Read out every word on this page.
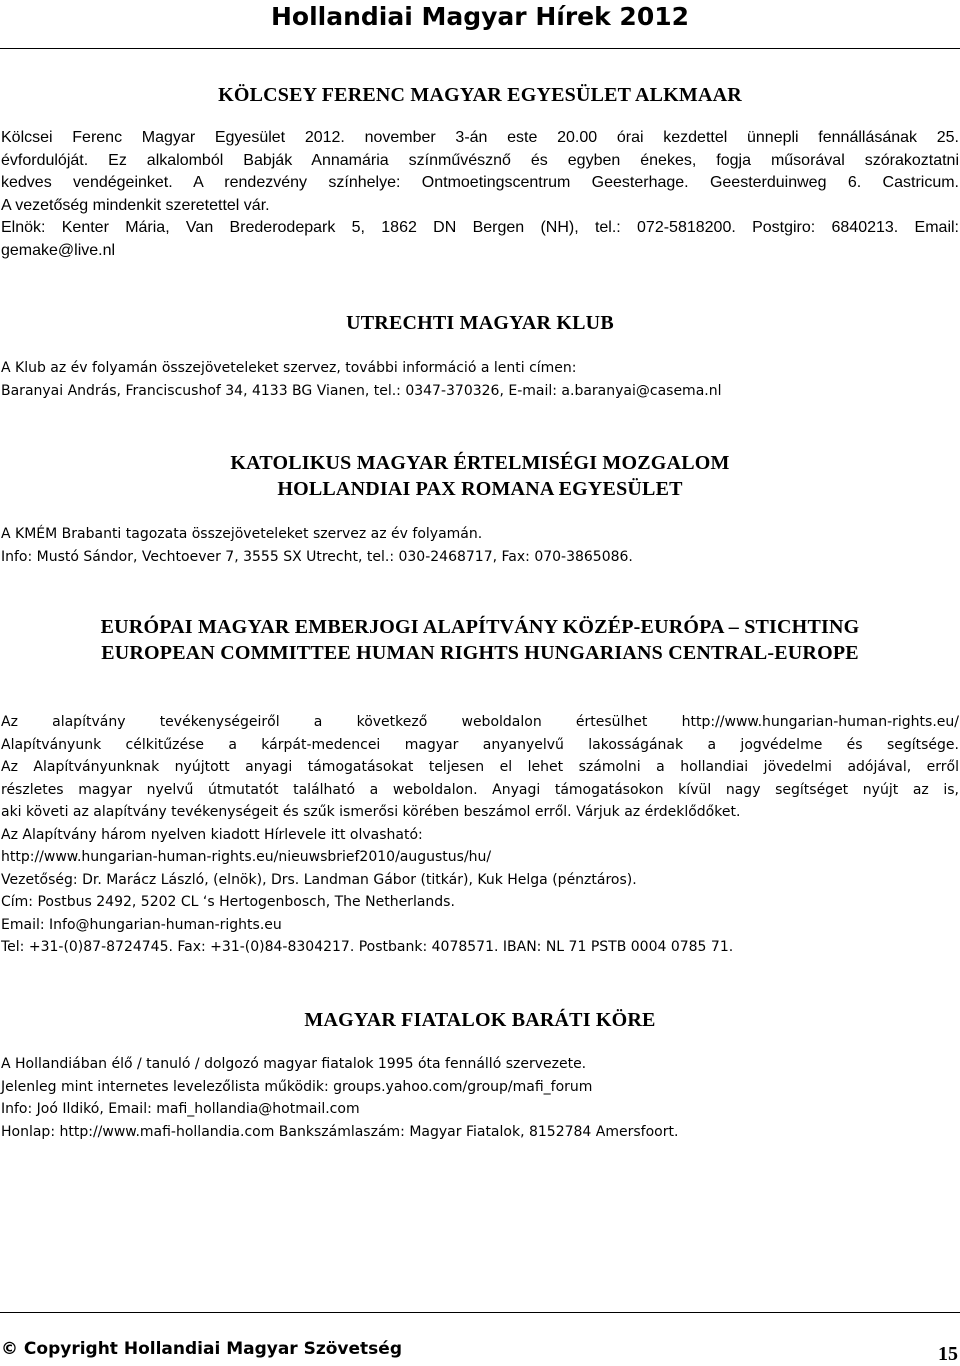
Hollandiai Magyar Hírek 2012
KÖLCSEY FERENC MAGYAR EGYESÜLET ALKMAAR
Kölcsei Ferenc Magyar Egyesület 2012. november 3-án este 20.00 órai kezdettel ünnepli fennállásának 25.
évfordulóját. Ez alkalomból Babják Annamária színművésznő és egyben énekes, fogja műsorával szórakoztatni
kedves vendégeinket. A rendezvény színhelye: Ontmoetingscentrum Geesterhage. Geesterduinweg 6. Castricum.
A vezetőség mindenkit szeretettel vár.
Elnök: Kenter Mária, Van Brederodepark 5, 1862 DN Bergen (NH), tel.: 072-5818200. Postgiro: 6840213. Email:
gemake@live.nl
UTRECHTI MAGYAR KLUB
A Klub az év folyamán összejöveteleket szervez, további információ a lenti címen:
Baranyai András, Franciscushof 34, 4133 BG Vianen, tel.: 0347-370326, E-mail: a.baranyai@casema.nl
KATOLIKUS MAGYAR ÉRTELMISÉGI MOZGALOM
HOLLANDIAI PAX ROMANA EGYESÜLET
A KMÉM Brabanti tagozata összejöveteleket szervez az év folyamán.
Info: Mustó Sándor, Vechtoever 7, 3555 SX Utrecht, tel.: 030-2468717, Fax: 070-3865086.
EURÓPAI MAGYAR EMBERJOGI ALAPÍTVÁNY KÖZÉP-EURÓPA – STICHTING
EUROPEAN COMMITTEE HUMAN RIGHTS HUNGARIANS CENTRAL-EUROPE
Az alapítvány tevékenységeiről a következő weboldalon értesülhet http://www.hungarian-human-rights.eu/
Alapítványunk célkitűzése a kárpát-medencei magyar anyanyelvű lakosságának a jogvédelme és segítsége.
Az Alapítványunknak nyújtott anyagi támogatásokat teljesen el lehet számolni a hollandiai jövedelmi adójával, erről
részletes magyar nyelvű útmutatót található a weboldalon. Anyagi támogatásokon kívül nagy segítséget nyújt az is,
aki követi az alapítvány tevékenységeit és szűk ismerősi körében beszámol erről. Várjuk az érdeklődőket.
Az Alapítvány három nyelven kiadott Hírlevele itt olvasható:
http://www.hungarian-human-rights.eu/nieuwsbrief2010/augustus/hu/
Vezetőség: Dr. Marácz László, (elnök), Drs. Landman Gábor (titkár), Kuk Helga (pénztáros).
Cím: Postbus 2492, 5202 CL ‘s Hertogenbosch, The Netherlands.
Email: Info@hungarian-human-rights.eu
Tel: +31-(0)87-8724745. Fax: +31-(0)84-8304217. Postbank: 4078571. IBAN: NL 71 PSTB 0004 0785 71.
MAGYAR FIATALOK BARÁTI KÖRE
A Hollandiában élő / tanuló / dolgozó magyar fiatalok 1995 óta fennálló szervezete.
Jelenleg mint internetes levelezőlista működik: groups.yahoo.com/group/mafi_forum
Info: Joó Ildikó, Email: mafi_hollandia@hotmail.com
Honlap: http://www.mafi-hollandia.com Bankszámlaszám: Magyar Fiatalok, 8152784 Amersfoort.
© Copyright Hollandiai Magyar Szövetség	15
